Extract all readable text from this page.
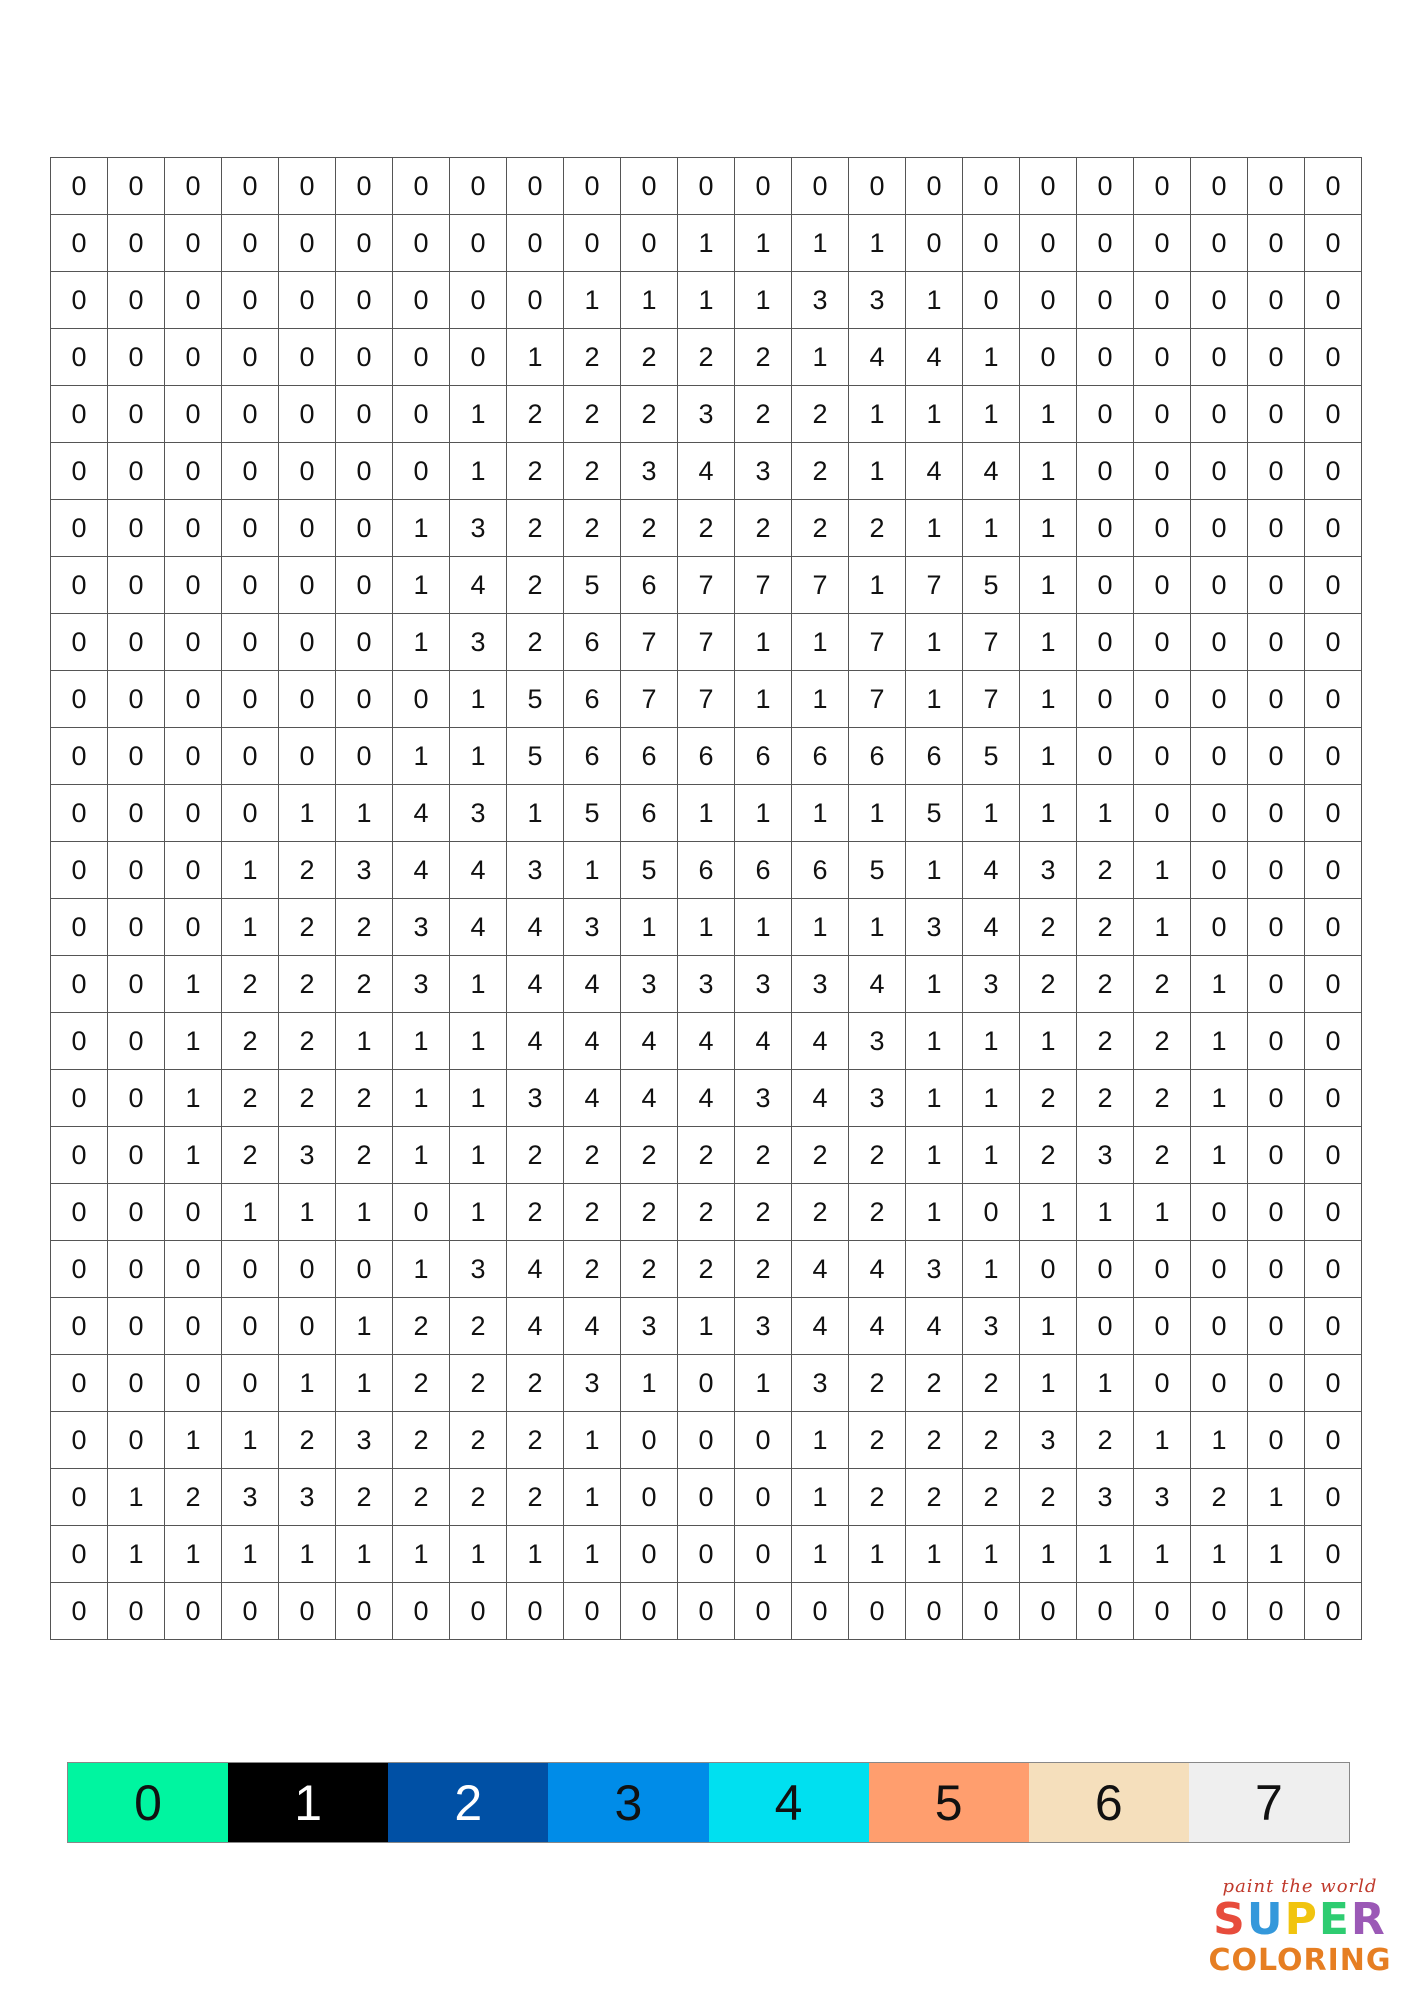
0	0	0	0	0	0	0	0	0	0	0	0	0	0	0	0	0	0	0	0	0	0	0
0	0	0	0	0	0	0	0	0	0	0	1	1	1	1	0	0	0	0	0	0	0	0
0	0	0	0	0	0	0	0	0	1	1	1	1	3	3	1	0	0	0	0	0	0	0
0	0	0	0	0	0	0	0	1	2	2	2	2	1	4	4	1	0	0	0	0	0	0
0	0	0	0	0	0	0	1	2	2	2	3	2	2	1	1	1	1	0	0	0	0	0
0	0	0	0	0	0	0	1	2	2	3	4	3	2	1	4	4	1	0	0	0	0	0
0	0	0	0	0	0	1	3	2	2	2	2	2	2	2	1	1	1	0	0	0	0	0
0	0	0	0	0	0	1	4	2	5	6	7	7	7	1	7	5	1	0	0	0	0	0
0	0	0	0	0	0	1	3	2	6	7	7	1	1	7	1	7	1	0	0	0	0	0
0	0	0	0	0	0	0	1	5	6	7	7	1	1	7	1	7	1	0	0	0	0	0
0	0	0	0	0	0	1	1	5	6	6	6	6	6	6	6	5	1	0	0	0	0	0
0	0	0	0	1	1	4	3	1	5	6	1	1	1	1	5	1	1	1	0	0	0	0
0	0	0	1	2	3	4	4	3	1	5	6	6	6	5	1	4	3	2	1	0	0	0
0	0	0	1	2	2	3	4	4	3	1	1	1	1	1	3	4	2	2	1	0	0	0
0	0	1	2	2	2	3	1	4	4	3	3	3	3	4	1	3	2	2	2	1	0	0
0	0	1	2	2	1	1	1	4	4	4	4	4	4	3	1	1	1	2	2	1	0	0
0	0	1	2	2	2	1	1	3	4	4	4	3	4	3	1	1	2	2	2	1	0	0
0	0	1	2	3	2	1	1	2	2	2	2	2	2	2	1	1	2	3	2	1	0	0
0	0	0	1	1	1	0	1	2	2	2	2	2	2	2	1	0	1	1	1	0	0	0
0	0	0	0	0	0	1	3	4	2	2	2	2	4	4	3	1	0	0	0	0	0	0
0	0	0	0	0	1	2	2	4	4	3	1	3	4	4	4	3	1	0	0	0	0	0
0	0	0	0	1	1	2	2	2	3	1	0	1	3	2	2	2	1	1	0	0	0	0
0	0	1	1	2	3	2	2	2	1	0	0	0	1	2	2	2	3	2	1	1	0	0
0	1	2	3	3	2	2	2	2	1	0	0	0	1	2	2	2	2	3	3	2	1	0
0	1	1	1	1	1	1	1	1	1	0	0	0	1	1	1	1	1	1	1	1	1	0
0	0	0	0	0	0	0	0	0	0	0	0	0	0	0	0	0	0	0	0	0	0	0
0	1	2	3	4	5	6	7
paint the world
SUPER
COLORING
